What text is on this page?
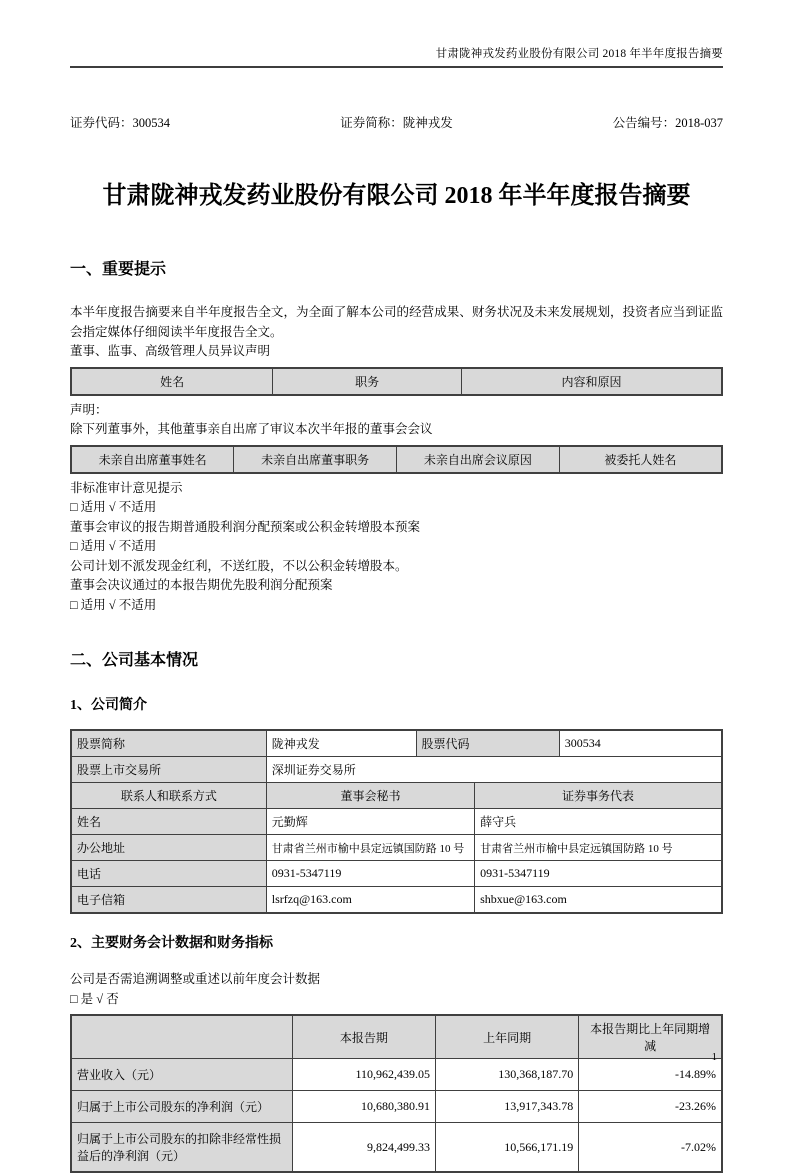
甘肃陇神戎发药业股份有限公司 2018 年半年度报告摘要
证券代码：300534	证券简称：陇神戎发	公告编号：2018-037
甘肃陇神戎发药业股份有限公司 2018 年半年度报告摘要
一、重要提示

本半年度报告摘要来自半年度报告全文，为全面了解本公司的经营成果、财务状况及未来发展规划，投资者应当到证监会指定媒体仔细阅读半年度报告全文。

董事、监事、高级管理人员异议声明

姓名	职务	内容和原因

声明：

除下列董事外，其他董事亲自出席了审议本次半年报的董事会会议

未亲自出席董事姓名	未亲自出席董事职务	未亲自出席会议原因	被委托人姓名

非标准审计意见提示

□ 适用 √ 不适用

董事会审议的报告期普通股利润分配预案或公积金转增股本预案

□ 适用 √ 不适用

公司计划不派发现金红利，不送红股，不以公积金转增股本。

董事会决议通过的本报告期优先股利润分配预案

□ 适用 √ 不适用

二、公司基本情况
1、公司简介
股票简称	陇神戎发	股票代码		300534
股票上市交易所	深圳证券交易所			
联系人和联系方式	董事会秘书		证券事务代表	
姓名	元勤辉		薛守兵	
办公地址	甘肃省兰州市榆中县定远镇国防路 10 号		甘肃省兰州市榆中县定远镇国防路 10 号	
电话	0931-5347119		0931-5347119	
电子信箱	lsrfzq@163.com		shbxue@163.com	
2、主要财务会计数据和财务指标

公司是否需追溯调整或重述以前年度会计数据

□ 是 √ 否

	本报告期	上年同期	本报告期比上年同期增减
营业收入（元）	110,962,439.05	130,368,187.70	-14.89%
归属于上市公司股东的净利润（元）	10,680,380.91	13,917,343.78	-23.26%
归属于上市公司股东的扣除非经常性损益后的净利润（元）	9,824,499.33	10,566,171.19	-7.02%
1
